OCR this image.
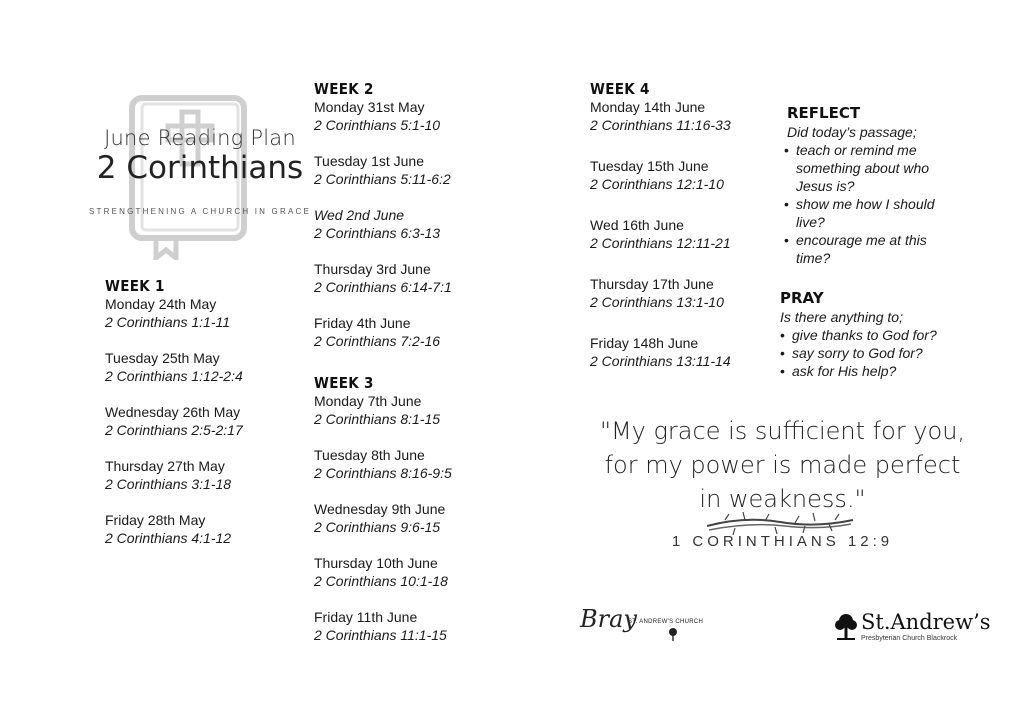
June Reading Plan
2 Corinthians
STRENGTHENING A CHURCH IN GRACE
WEEK 1
Monday 24th May
2 Corinthians 1:1-11
Tuesday 25th May
2 Corinthians 1:12-2:4
Wednesday 26th May
2 Corinthians 2:5-2:17
Thursday 27th May
2 Corinthians 3:1-18
Friday 28th May
2 Corinthians 4:1-12
WEEK 2
Monday 31st May
2 Corinthians 5:1-10
Tuesday 1st June
2 Corinthians 5:11-6:2
Wed 2nd June
2 Corinthians 6:3-13
Thursday 3rd June
2 Corinthians 6:14-7:1
Friday 4th June
2 Corinthians 7:2-16
WEEK 3
Monday 7th June
2 Corinthians 8:1-15
Tuesday 8th June
2 Corinthians 8:16-9:5
Wednesday 9th June
2 Corinthians 9:6-15
Thursday 10th June
2 Corinthians 10:1-18
Friday 11th June
2 Corinthians 11:1-15
WEEK 4
Monday 14th June
2 Corinthians 11:16-33
Tuesday 15th June
2 Corinthians 12:1-10
Wed 16th June
2 Corinthians 12:11-21
Thursday 17th June
2 Corinthians 13:1-10
Friday 148h June
2 Corinthians 13:11-14
REFLECT
Did today’s passage;
• teach or remind me something about who Jesus is?
• show me how I should live?
• encourage me at this time?
PRAY
Is there anything to;
• give thanks to God for?
• say sorry to God for?
• ask for His help?
"My grace is sufficient for you, for my power is made perfect in weakness."
1 CORINTHIANS 12:9
Bray
ST. ANDREW'S CHURCH	St.Andrew’s
Presbyterian Church Blackrock
